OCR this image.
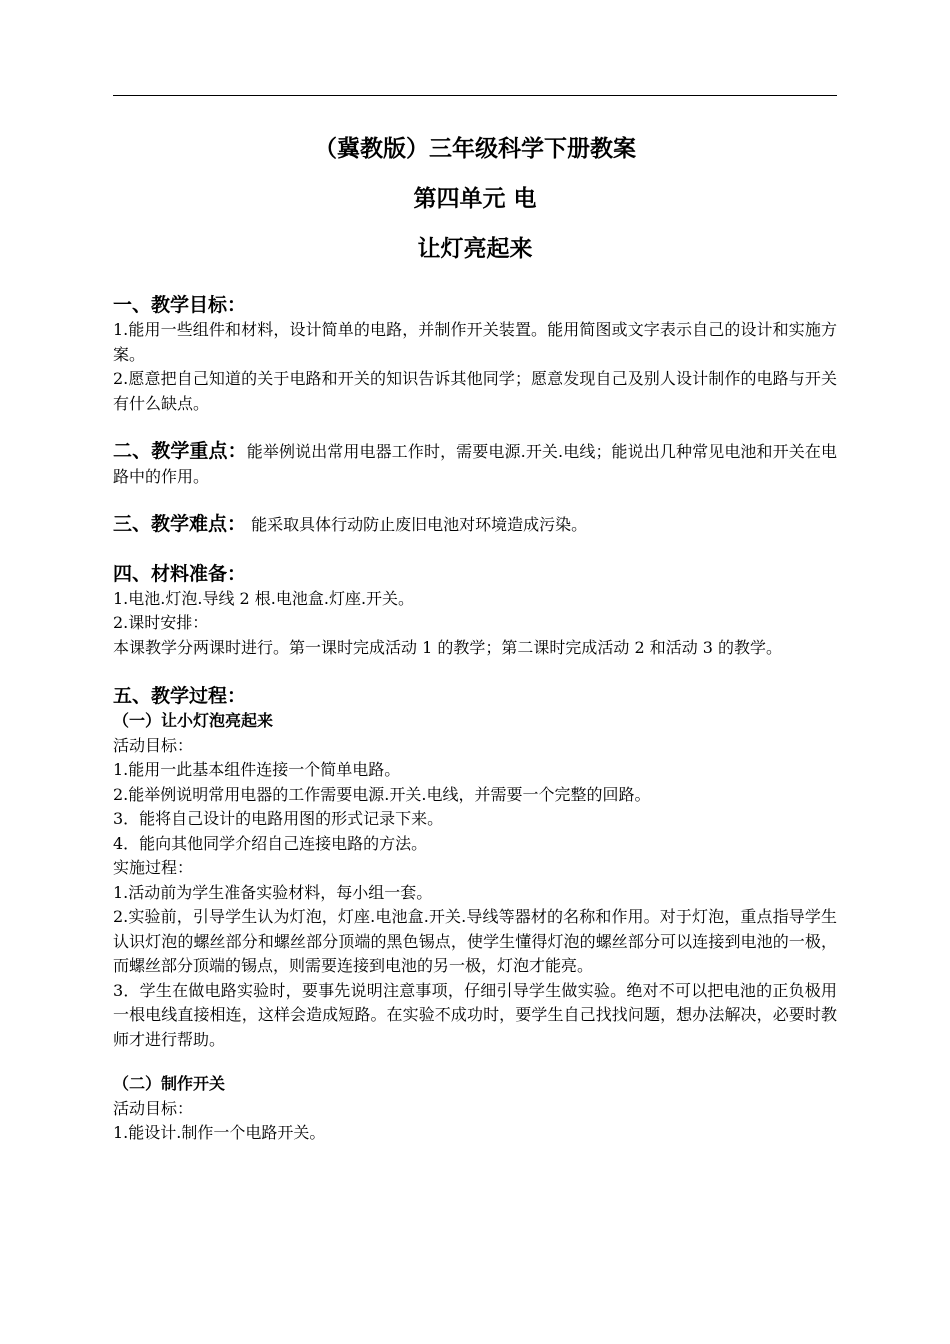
（冀教版）三年级科学下册教案
第四单元 电
让灯亮起来
一、教学目标：
1.能用一些组件和材料，设计简单的电路，并制作开关装置。能用简图或文字表示自己的设计和实施方案。
2.愿意把自己知道的关于电路和开关的知识告诉其他同学；愿意发现自己及别人设计制作的电路与开关有什么缺点。
二、教学重点：能举例说出常用电器工作时，需要电源.开关.电线；能说出几种常见电池和开关在电路中的作用。
三、教学难点： 能采取具体行动防止废旧电池对环境造成污染。
四、材料准备：
1.电池.灯泡.导线 2 根.电池盒.灯座.开关。
2.课时安排：
本课教学分两课时进行。第一课时完成活动 1 的教学；第二课时完成活动 2 和活动 3 的教学。
五、教学过程：
（一）让小灯泡亮起来
活动目标：
1.能用一此基本组件连接一个简单电路。
2.能举例说明常用电器的工作需要电源.开关.电线，并需要一个完整的回路。
3．能将自己设计的电路用图的形式记录下来。
4．能向其他同学介绍自己连接电路的方法。
实施过程：
1.活动前为学生准备实验材料，每小组一套。
2.实验前，引导学生认为灯泡，灯座.电池盒.开关.导线等器材的名称和作用。对于灯泡，重点指导学生认识灯泡的螺丝部分和螺丝部分顶端的黑色锡点，使学生懂得灯泡的螺丝部分可以连接到电池的一极，而螺丝部分顶端的锡点，则需要连接到电池的另一极，灯泡才能亮。
3．学生在做电路实验时，要事先说明注意事项，仔细引导学生做实验。绝对不可以把电池的正负极用一根电线直接相连，这样会造成短路。在实验不成功时，要学生自己找找问题，想办法解决，必要时教师才进行帮助。
（二）制作开关
活动目标：
1.能设计.制作一个电路开关。
